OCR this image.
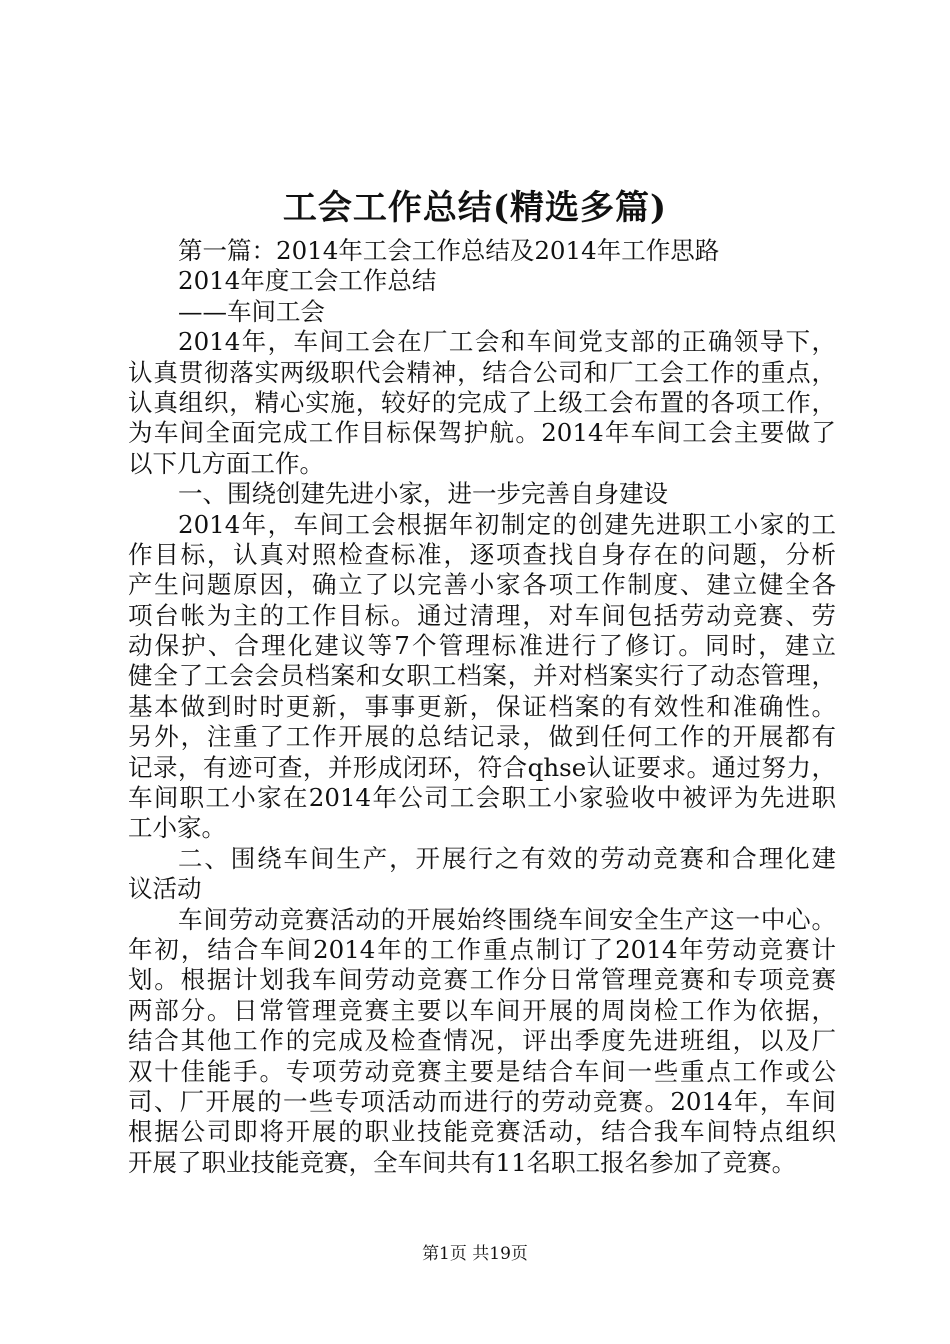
工会工作总结(精选多篇)
第一篇：2014年工会工作总结及2014年工作思路
2014年度工会工作总结
——车间工会
2014年，车间工会在厂工会和车间党支部的正确领导下，
认真贯彻落实两级职代会精神，结合公司和厂工会工作的重点，
认真组织，精心实施，较好的完成了上级工会布置的各项工作，
为车间全面完成工作目标保驾护航。2014年车间工会主要做了
以下几方面工作。
一、围绕创建先进小家，进一步完善自身建设
2014年，车间工会根据年初制定的创建先进职工小家的工
作目标，认真对照检查标准，逐项查找自身存在的问题，分析
产生问题原因，确立了以完善小家各项工作制度、建立健全各
项台帐为主的工作目标。通过清理，对车间包括劳动竞赛、劳
动保护、合理化建议等7个管理标准进行了修订。同时，建立
健全了工会会员档案和女职工档案，并对档案实行了动态管理，
基本做到时时更新，事事更新，保证档案的有效性和准确性。
另外，注重了工作开展的总结记录，做到任何工作的开展都有
记录，有迹可查，并形成闭环，符合qhse认证要求。通过努力，
车间职工小家在2014年公司工会职工小家验收中被评为先进职
工小家。
二、围绕车间生产，开展行之有效的劳动竞赛和合理化建
议活动
车间劳动竞赛活动的开展始终围绕车间安全生产这一中心。
年初，结合车间2014年的工作重点制订了2014年劳动竞赛计
划。根据计划我车间劳动竞赛工作分日常管理竞赛和专项竞赛
两部分。日常管理竞赛主要以车间开展的周岗检工作为依据，
结合其他工作的完成及检查情况，评出季度先进班组，以及厂
双十佳能手。专项劳动竞赛主要是结合车间一些重点工作或公
司、厂开展的一些专项活动而进行的劳动竞赛。2014年，车间
根据公司即将开展的职业技能竞赛活动，结合我车间特点组织
开展了职业技能竞赛，全车间共有11名职工报名参加了竞赛。
第1页 共19页
